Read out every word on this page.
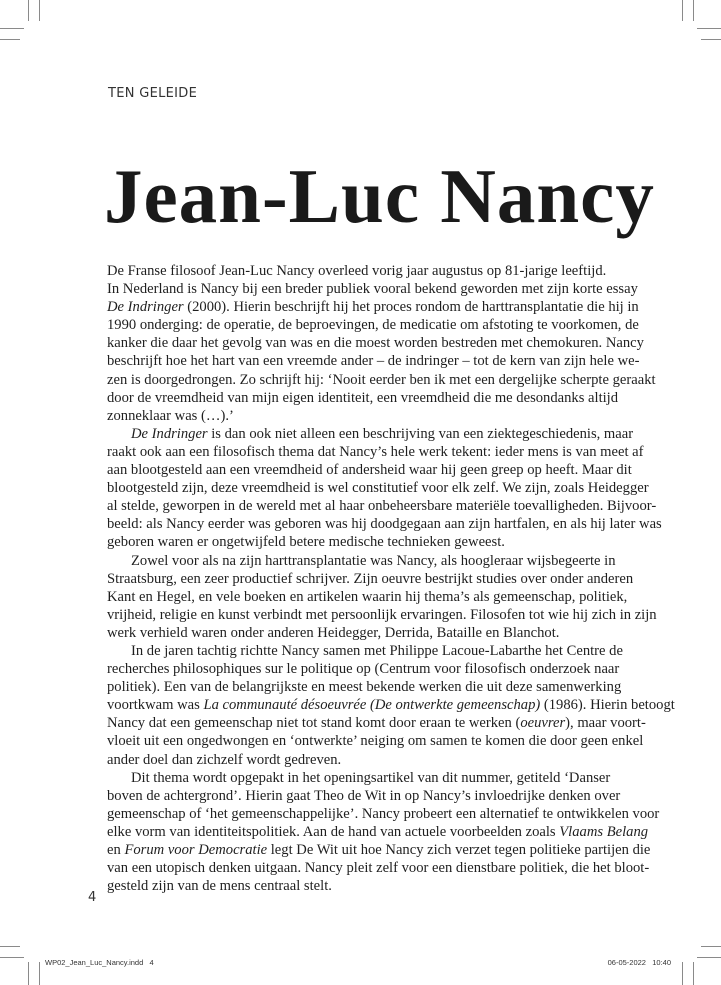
TEN GELEIDE
Jean-Luc Nancy
De Franse filosoof Jean-Luc Nancy overleed vorig jaar augustus op 81-jarige leeftijd.
In Nederland is Nancy bij een breder publiek vooral bekend geworden met zijn korte essay
De Indringer (2000). Hierin beschrijft hij het proces rondom de harttransplantatie die hij in
1990 onderging: de operatie, de beproevingen, de medicatie om afstoting te voorkomen, de
kanker die daar het gevolg van was en die moest worden bestreden met chemokuren. Nancy
beschrijft hoe het hart van een vreemde ander – de indringer – tot de kern van zijn hele we-
zen is doorgedrongen. Zo schrijft hij: ‘Nooit eerder ben ik met een dergelijke scherpte geraakt
door de vreemdheid van mijn eigen identiteit, een vreemdheid die me desondanks altijd
zonneklaar was (…).’
De Indringer is dan ook niet alleen een beschrijving van een ziektegeschiedenis, maar
raakt ook aan een filosofisch thema dat Nancy’s hele werk tekent: ieder mens is van meet af
aan blootgesteld aan een vreemdheid of andersheid waar hij geen greep op heeft. Maar dit
blootgesteld zijn, deze vreemdheid is wel constitutief voor elk zelf. We zijn, zoals Heidegger
al stelde, geworpen in de wereld met al haar onbeheersbare materiële toevalligheden. Bijvoor-
beeld: als Nancy eerder was geboren was hij doodgegaan aan zijn hartfalen, en als hij later was
geboren waren er ongetwijfeld betere medische technieken geweest.
Zowel voor als na zijn harttransplantatie was Nancy, als hoogleraar wijsbegeerte in
Straatsburg, een zeer productief schrijver. Zijn oeuvre bestrijkt studies over onder anderen
Kant en Hegel, en vele boeken en artikelen waarin hij thema’s als gemeenschap, politiek,
vrijheid, religie en kunst verbindt met persoonlijk ervaringen. Filosofen tot wie hij zich in zijn
werk verhield waren onder anderen Heidegger, Derrida, Bataille en Blanchot.
In de jaren tachtig richtte Nancy samen met Philippe Lacoue-Labarthe het Centre de
recherches philosophiques sur le politique op (Centrum voor filosofisch onderzoek naar
politiek). Een van de belangrijkste en meest bekende werken die uit deze samenwerking
voortkwam was La communauté désoeuvrée (De ontwerkte gemeenschap) (1986). Hierin betoogt
Nancy dat een gemeenschap niet tot stand komt door eraan te werken (oeuvrer), maar voort-
vloeit uit een ongedwongen en ‘ontwerkte’ neiging om samen te komen die door geen enkel
ander doel dan zichzelf wordt gedreven.
Dit thema wordt opgepakt in het openingsartikel van dit nummer, getiteld ‘Danser
boven de achtergrond’. Hierin gaat Theo de Wit in op Nancy’s invloedrijke denken over
gemeenschap of ‘het gemeenschappelijke’. Nancy probeert een alternatief te ontwikkelen voor
elke vorm van identiteitspolitiek. Aan de hand van actuele voorbeelden zoals Vlaams Belang
en Forum voor Democratie legt De Wit uit hoe Nancy zich verzet tegen politieke partijen die
van een utopisch denken uitgaan. Nancy pleit zelf voor een dienstbare politiek, die het bloot-
gesteld zijn van de mens centraal stelt.
4
WP02_Jean_Luc_Nancy.indd   4	06-05-2022   10:40
